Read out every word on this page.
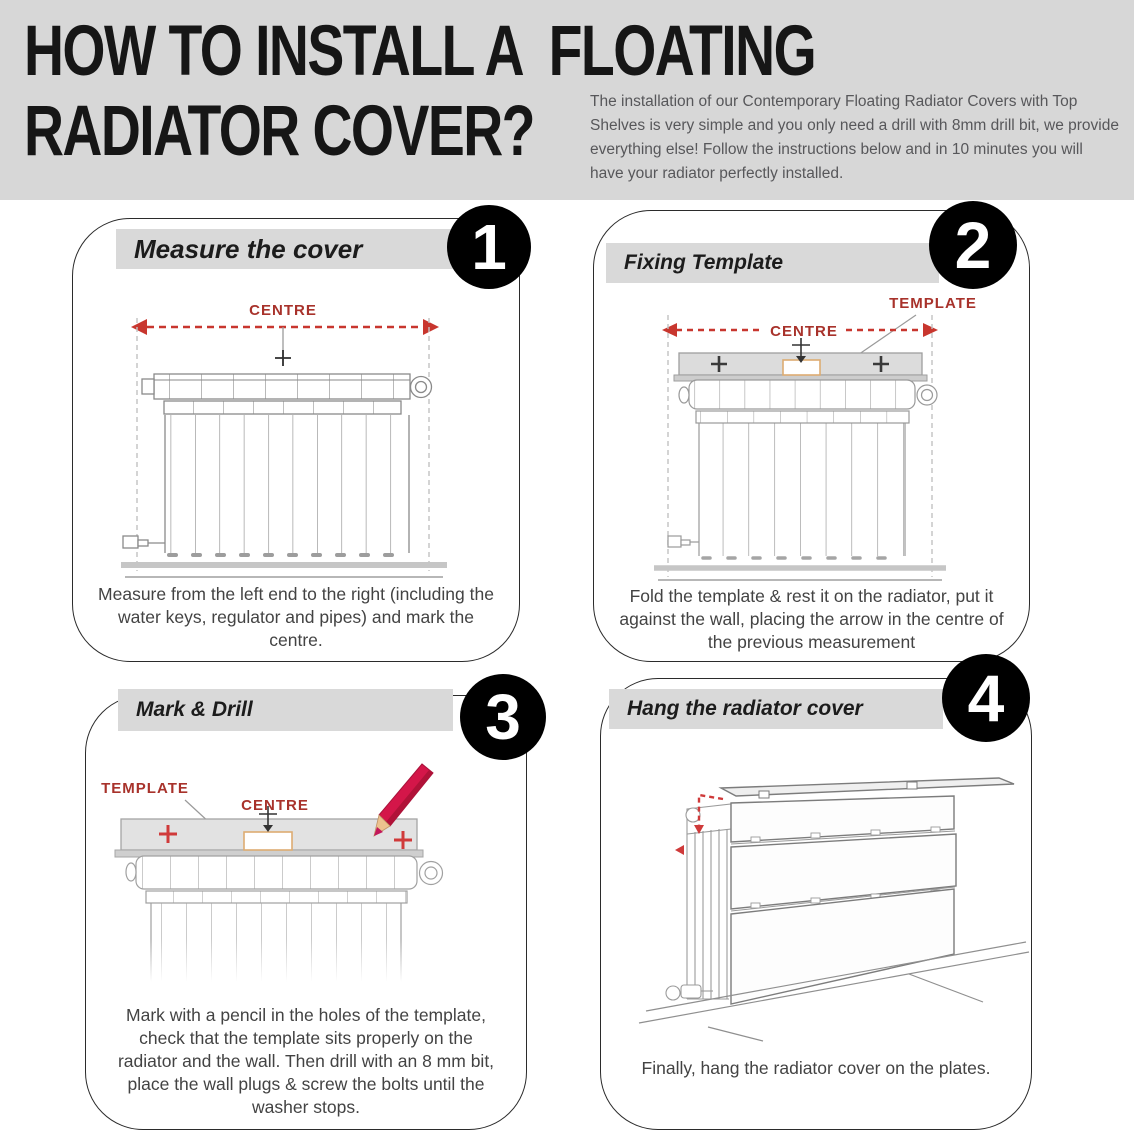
HOW TO INSTALL A  FLOATING
RADIATOR COVER?	The installation of our Contemporary Floating Radiator Covers with Top Shelves is very simple and you only need a drill with 8mm drill bit, we provide everything else! Follow the instructions below and in 10 minutes you will have your radiator perfectly installed.

Measure the cover 1
CENTRE

Measure from the left end to the right (including the water keys, regulator and pipes) and mark the centre.

Fixing Template	2
TEMPLATE
CENTRE

Fold the template & rest it on the radiator, put it against the wall, placing the arrow in the centre of the previous measurement

Mark & Drill	3
TEMPLATE
CENTRE

Mark with a pencil in the holes of the template, check that the template sits properly on the radiator and the wall. Then drill with an 8 mm bit, place the wall plugs & screw the bolts until the washer stops.

Hang the radiator cover 4

Finally, hang the radiator cover on the plates.
